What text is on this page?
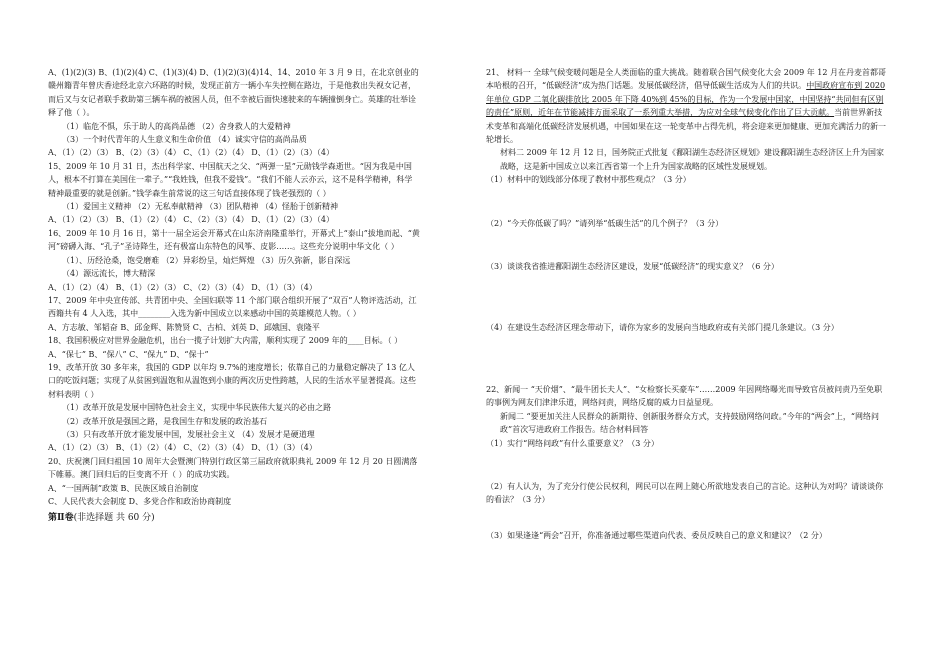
A、(1)(2)(3) B、(1)(2)(4) C、(1)(3)(4) D、(1)(2)(3)(4)14、14、2010 年 3 月 9 日，在北京创业的赣州籍青年曾庆香途经北京六环路的时候，发现正前方一辆小车失控侧在路边，于是他救出失视女记者，而后又与女记者联手救助第三辆车祸的被困人员，但不幸被后面快速驶来的车辆撞倒身亡。英雄的壮举诠释了他（ ）。

（1）临危不惧，乐于助人的高尚品德 （2）舍身救人的大爱精神

（3）一个时代青年的人生意义和生命价值 （4）诚实守信的高尚品质

A、（1）（2）（3） B、（2）（3）（4） C、（1）（2）（4） D、（1）（2）（3）（4）

15、2009 年 10 月 31 日，杰出科学家、中国航天之父、“两弹一星”元勋钱学森逝世。“因为我是中国人，根本不打算在美国住一辈子。”“我姓钱，但我不爱钱”。“我们不能人云亦云，这不是科学精神，科学精神最重要的就是创新。”钱学森生前常说的这三句话直接体现了钱老强烈的（ ）

（1）爱国主义精神 （2）无私奉献精神 （3）团队精神 （4）怪胎于创新精神

A、（1）（2）（3） B、（1）（2）（4） C、（2）（3）（4） D、（1）（2）（3）（4）

16、2009 年 10 月 16 日，第十一届全运会开幕式在山东济南隆重举行，开幕式上“泰山”拔地而起、“黄河”磅礴入海、“孔子”圣诗降生，还有极富山东特色的风筝、皮影……。这些充分说明中华文化（ ）

（1）、历经沧桑，饱受磨难 （2）异彩纷呈，灿烂辉煌 （3）历久弥新，影自深远

（4）源远流长，博大精深

A、（1）（2）（4） B、（1）（2）（3） C、（2）（3）（4） D、（1）（3）（4）

17、2009 年中央宣传部、共青团中央、全国妇联等 11 个部门联合组织开展了“双百”人物评选活动，江西籍共有 4 人入选，其中________入选为新中国成立以来感动中国的英雄模范人物。（ ）

A、方志敏、邹韬奋 B、邱金辉、陈赞贤 C、古柏、刘英 D、邱娥国、袁隆平

18、我国积极应对世界金融危机，出台一揽子计划扩大内需，顺利实现了 2009 年的____目标。（ ）

A、“保七” B、“保八” C、“保九” D、“保十”

19、改革开放 30 多年来，我国的 GDP 以年均 9.7%的速度增长；依靠自己的力量稳定解决了 13 亿人口的吃饭问题；实现了从贫困到温饱和从温饱到小康的两次历史性跨越，人民的生活水平显著提高。这些材料表明（ ）

（1）改革开放是发展中国特色社会主义，实现中华民族伟大复兴的必由之路

（2）改革开放是强国之路，是我国生存和发展的政治基石

（3）只有改革开放才能发展中国，发展社会主义 （4）发展才是硬道理

A、（1）（2）（3） B、（1）（2）（4） C、（2）（3）（4） D、（1）（3）（4）

20、庆祝澳门回归祖国 10 周年大会暨澳门特别行政区第三届政府就职典礼 2009 年 12 月 20 日圆满落下帷幕。澳门回归后的巨变离不开（ ）的成功实践。

A、“一国两制”政策 B、民族区域自治制度

C、人民代表大会制度 D、多党合作和政治协商制度

第Ⅱ卷(非选择题 共 60 分)

21、 材料一 全球气候变暖问题是全人类面临的重大挑战。随着联合国气候变化大会 2009 年 12 月在丹麦首都哥本哈根的召开，“低碳经济”成为热门话题。发展低碳经济，倡导低碳生活成为人们的共识。中国政府宣布到 2020 年单位 GDP 二氧化碳排放比 2005 年下降 40%到 45%的目标，作为一个发展中国家，中国坚持“共同但有区别的责任”原则，近年在节能减排方面采取了一系列重大举措，为应对全球气候变化作出了巨大贡献。当前世界新技术变革和高端化低碳经济发展机遇，中国如果在这一轮变革中占得先机，将会迎来更加健康、更加充满活力的新一轮增长。

材料二 2009 年 12 月 12 日，国务院正式批复《鄱阳湖生态经济区规划》建设鄱阳湖生态经济区上升为国家战略，这是新中国成立以来江西省第一个上升为国家战略的区域性发展规划。

（1）材料中的划线部分体现了教材中那些观点？（3 分）

（2）“今天你低碳了吗？”请列举“低碳生活”的几个例子？（3 分）

（3）谈谈我省推进鄱阳湖生态经济区建设，发展“低碳经济”的现实意义？（6 分）

（4）在建设生态经济区理念带动下，请你为家乡的发展向当地政府或有关部门提几条建议。（3 分）

22、新闻一 “天价烟”、“最牛团长夫人”、“女检察长买豪车”……2009 年因网络曝光而导致官员被问责乃至免职的事例为网友们津津乐道，网络问责，网络反腐的威力日益显现。

新闻二 “要更加关注人民群众的新期待、创新服务群众方式，支持鼓励网络问政。”今年的“两会”上，“网络问政”首次写进政府工作报告。结合材料回答

（1）实行“网络问政”有什么重要意义？（3 分）

（2）有人认为，为了充分行使公民权利，网民可以在网上随心所欲地发表自己的言论。这种认为对吗？请谈谈你的看法？（3 分）

（3）如果逢逢“两会”召开，你准备通过哪些渠道向代表、委员反映自己的意义和建议？（2 分）
